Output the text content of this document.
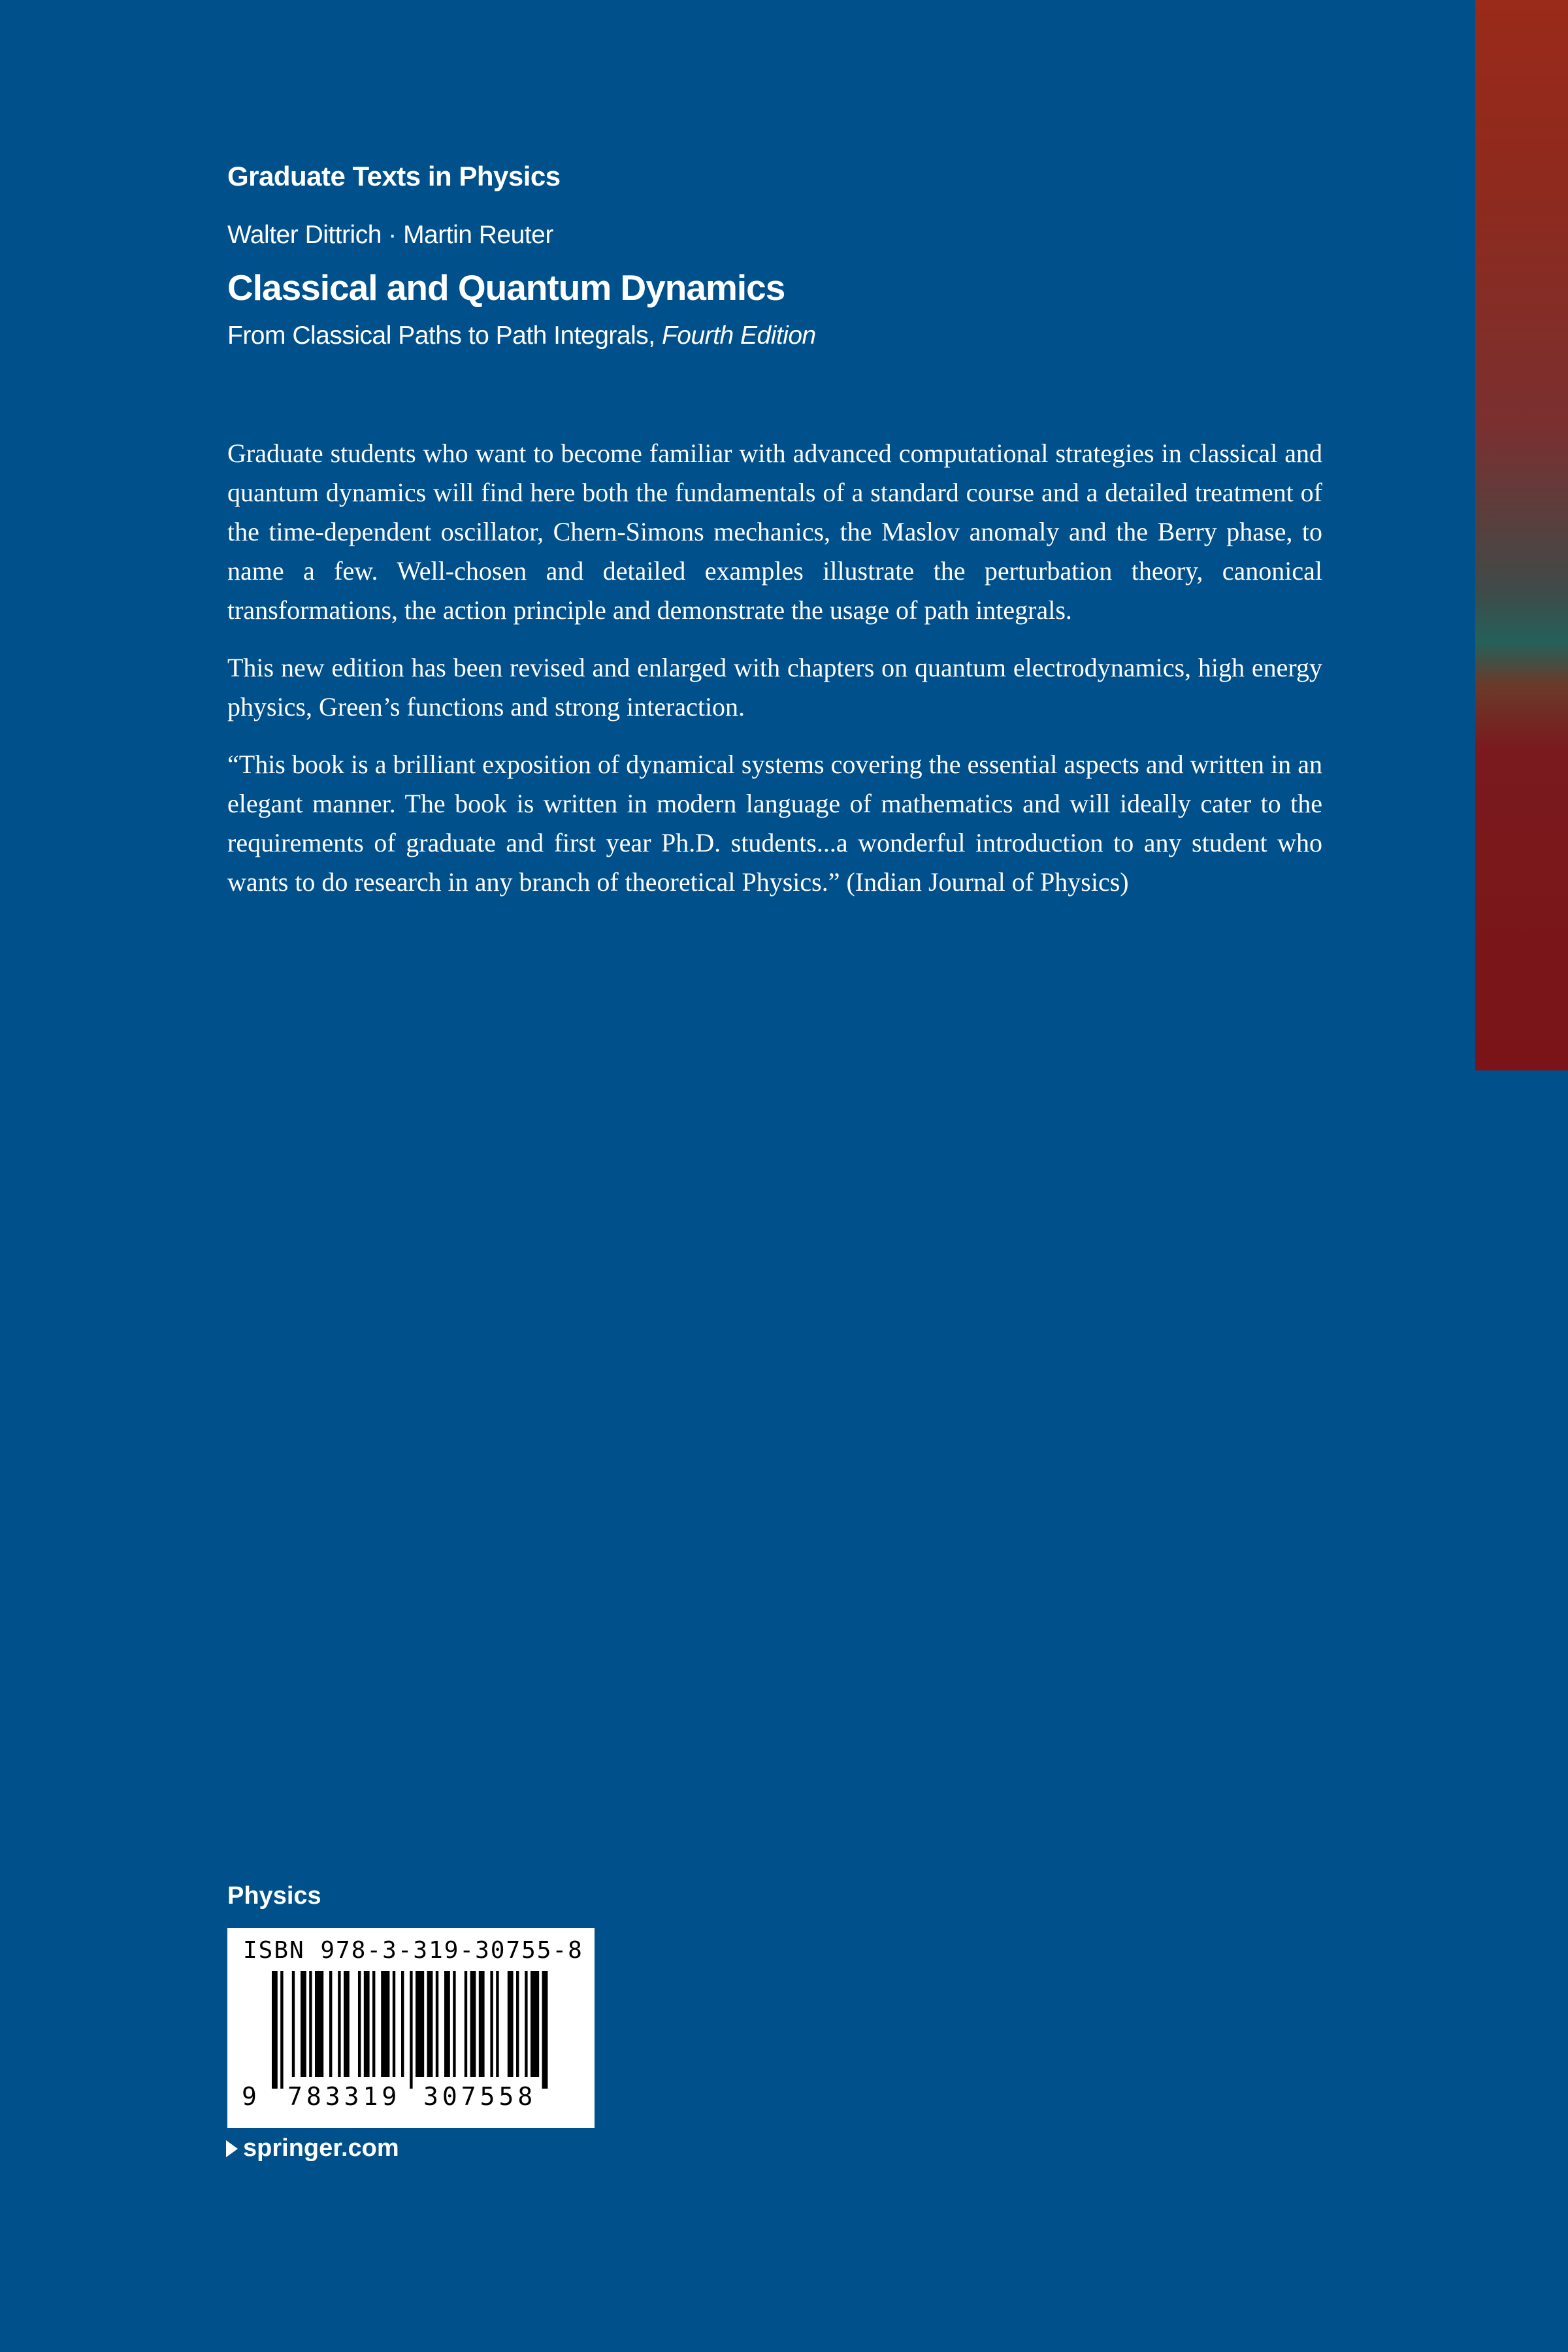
Graduate Texts in Physics
Walter Dittrich · Martin Reuter
Classical and Quantum Dynamics
From Classical Paths to Path Integrals, Fourth Edition

Graduate students who want to become familiar with advanced computational strategies in classical and quantum dynamics will find here both the fundamentals of a standard course and a detailed treatment of the time-dependent oscillator, Chern-Simons mechanics, the Maslov anomaly and the Berry phase, to name a few. Well-chosen and detailed examples illustrate the perturbation theory, canonical transformations, the action principle and demonstrate the usage of path integrals.

This new edition has been revised and enlarged with chapters on quantum electrodynamics, high energy physics, Green’s functions and strong interaction.

“This book is a brilliant exposition of dynamical systems covering the essential aspects and written in an elegant manner. The book is written in modern language of mathematics and will ideally cater to the requirements of graduate and first year Ph.D. students...a wonderful introduction to any student who wants to do research in any branch of theoretical Physics.” (Indian Journal of Physics)

Physics
ISBN 978-3-319-30755-8
9 783319 307558
springer.com
